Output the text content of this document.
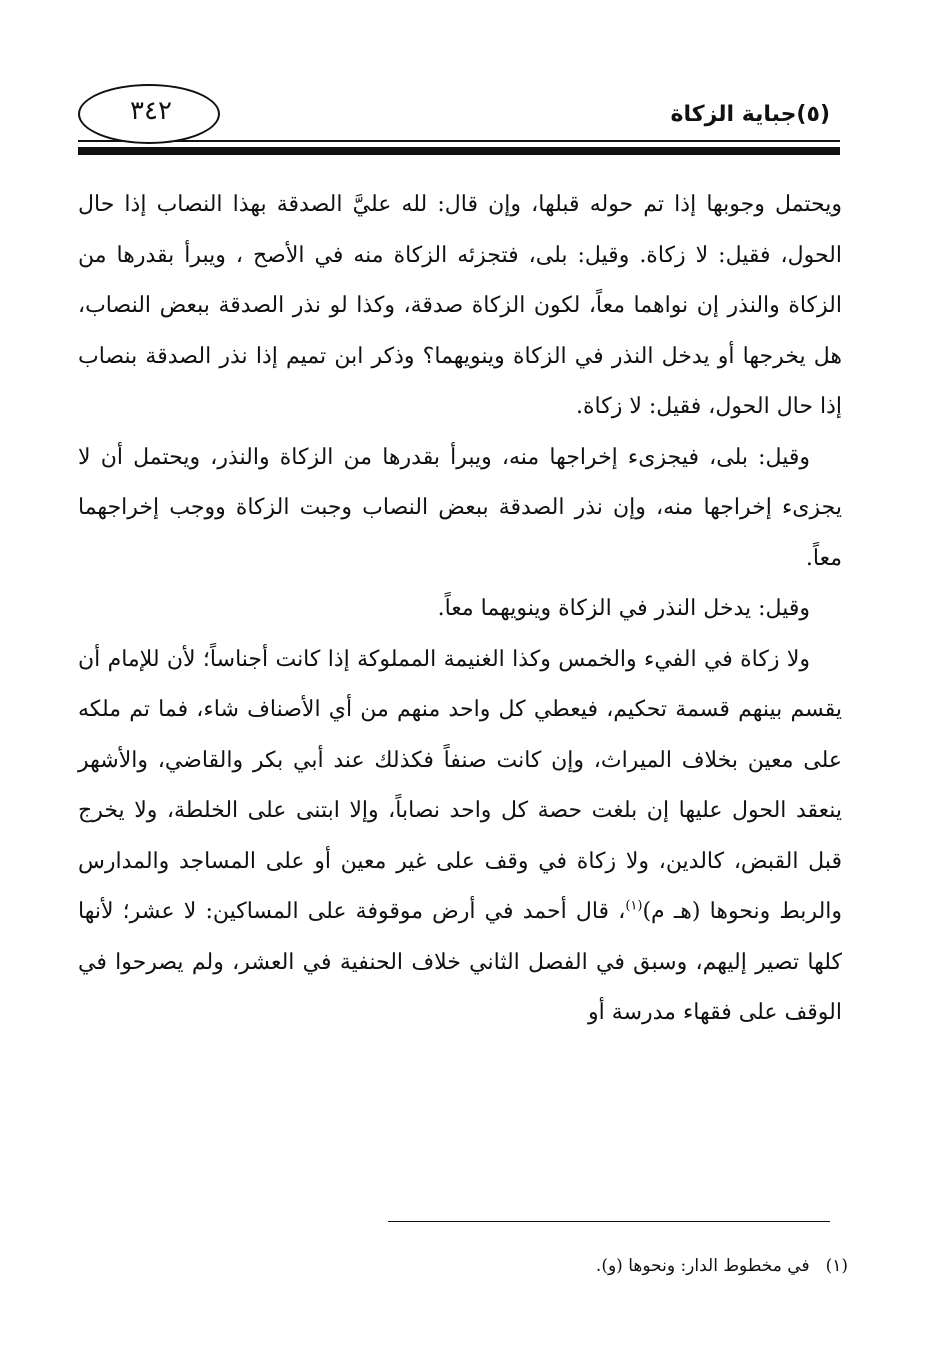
٣٤٢	(٥)جباية الزكاة

ويحتمل وجوبها إذا تم حوله قبلها، وإن قال: لله عليَّ الصدقة بهذا النصاب إذا حال الحول، فقيل: لا زكاة. وقيل: بلى، فتجزئه الزكاة منه في الأصح ، ويبرأ بقدرها من الزكاة والنذر إن نواهما معاً، لكون الزكاة صدقة، وكذا لو نذر الصدقة ببعض النصاب، هل يخرجها أو يدخل النذر في الزكاة وينويهما؟ وذكر ابن تميم إذا نذر الصدقة بنصاب إذا حال الحول، فقيل: لا زكاة.

وقيل: بلى، فيجزىء إخراجها منه، ويبرأ بقدرها من الزكاة والنذر، ويحتمل أن لا يجزىء إخراجها منه، وإن نذر الصدقة ببعض النصاب وجبت الزكاة ووجب إخراجهما معاً.

وقيل: يدخل النذر في الزكاة وينويهما معاً.

ولا زكاة في الفيء والخمس وكذا الغنيمة المملوكة إذا كانت أجناساً؛ لأن للإمام أن يقسم بينهم قسمة تحكيم، فيعطي كل واحد منهم من أي الأصناف شاء، فما تم ملكه على معين بخلاف الميراث، وإن كانت صنفاً فكذلك عند أبي بكر والقاضي، والأشهر ينعقد الحول عليها إن بلغت حصة كل واحد نصاباً، وإلا ابتنى على الخلطة، ولا يخرج قبل القبض، كالدين، ولا زكاة في وقف على غير معين أو على المساجد والمدارس والربط ونحوها (هـ م)$^{(١)}$، قال أحمد في أرض موقوفة على المساكين: لا عشر؛ لأنها كلها تصير إليهم، وسبق في الفصل الثاني خلاف الحنفية في العشر، ولم يصرحوا في الوقف على فقهاء مدرسة أو

(١)في مخطوط الدار: ونحوها (و).
